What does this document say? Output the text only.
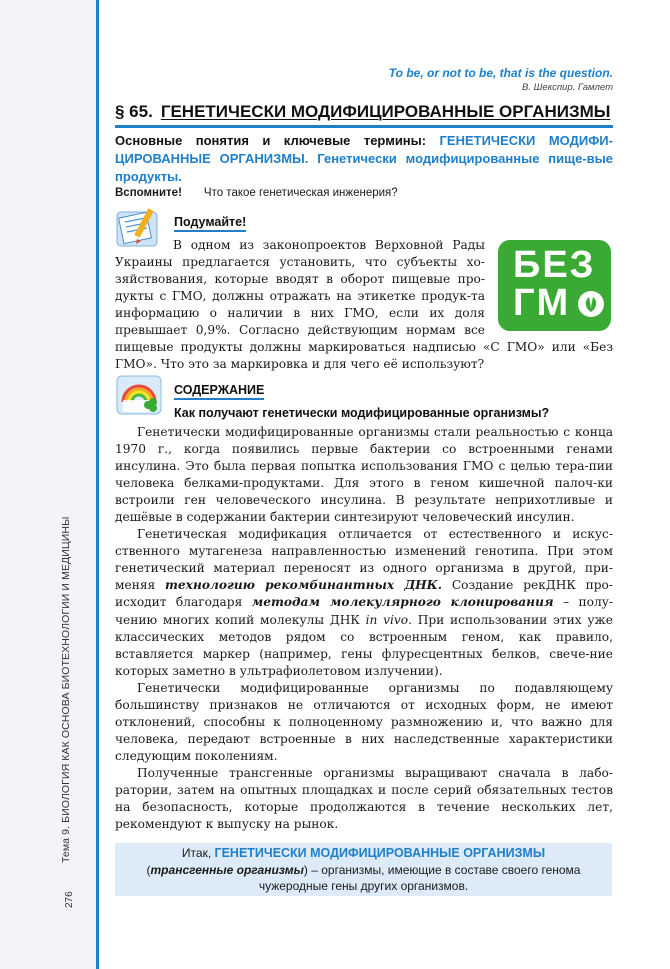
Тема 9. БИОЛОГИЯ КАК ОСНОВА БИОТЕХНОЛОГИИ И МЕДИЦИНЫ
276
To be, or not to be, that is the question.
В. Шекспир. Гамлет
§ 65. ГЕНЕТИЧЕСКИ МОДИФИЦИРОВАННЫЕ ОРГАНИЗМЫ
Основные понятия и ключевые термины: ГЕНЕТИЧЕСКИ МОДИФИ-ЦИРОВАННЫЕ ОРГАНИЗМЫ. Генетически модифицированные пище-вые продукты.
Вспомните! Что такое генетическая инженерия?
Подумайте!
В одном из законопроектов Верховной Рады Украины предлагается установить, что субъекты хо-зяйствования, которые вводят в оборот пищевые про-дукты с ГМО, должны отражать на этикетке продук-та информацию о наличии в них ГМО, если их доля превышает 0,9%. Согласно действующим нормам все пищевые продукты должны маркироваться надписью «С ГМО» или «Без ГМО». Что это за маркировка и для чего её используют?
БЕЗ
ГМ
СОДЕРЖАНИЕ
Как получают генетически модифицированные организмы?

Генетически модифицированные организмы стали реальностью с конца 1970 г., когда появились первые бактерии со встроенными генами инсулина. Это была первая попытка использования ГМО с целью тера-пии человека белками-продуктами. Для этого в геном кишечной палоч-ки встроили ген человеческого инсулина. В результате неприхотливые и дешёвые в содержании бактерии синтезируют человеческий инсулин.

Генетическая модификация отличается от естественного и искус-ственного мутагенеза направленностью изменений генотипа. При этом генетический материал переносят из одного организма в другой, при-меняя технологию рекомбинантных ДНК. Создание рекДНК про-исходит благодаря методам молекулярного клонирования – полу-чению многих копий молекулы ДНК in vivo. При использовании этих уже классических методов рядом со встроенным геном, как правило, вставляется маркер (например, гены флуресцентных белков, свече-ние которых заметно в ультрафиолетовом излучении).

Генетически модифицированные организмы по подавляющему большинству признаков не отличаются от исходных форм, не имеют отклонений, способны к полноценному размножению и, что важно для человека, передают встроенные в них наследственные характеристики следующим поколениям.

Полученные трансгенные организмы выращивают сначала в лабо-ратории, затем на опытных площадках и после серий обязательных тестов на безопасность, которые продолжаются в течение нескольких лет, рекомендуют к выпуску на рынок.

Итак, ГЕНЕТИЧЕСКИ МОДИФИЦИРОВАННЫЕ ОРГАНИЗМЫ
(трансгенные организмы) – организмы, имеющие в составе своего генома чужеродные гены других организмов.
